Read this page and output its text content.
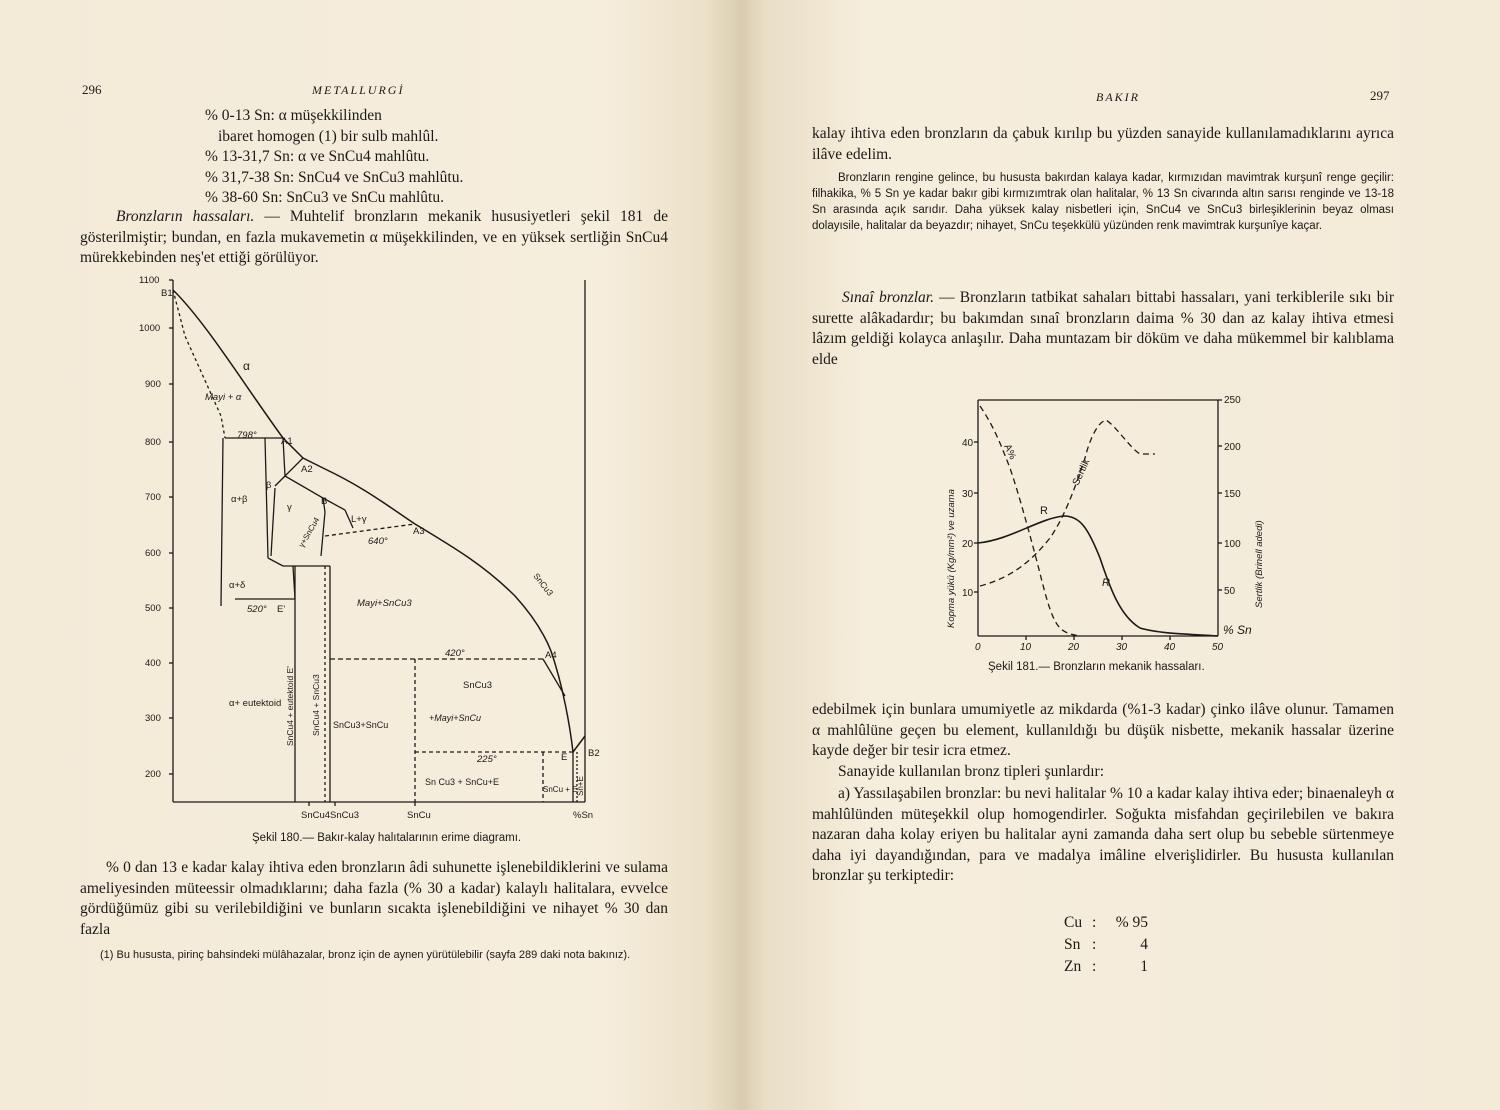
296	METALLURGİ
% 0-13 Sn: α müşekkilinden
ibaret homogen (1) bir sulb mahlûl.
% 13-31,7 Sn: α ve SnCu4 mahlûtu.
% 31,7-38 Sn: SnCu4 ve SnCu3 mahlûtu.
% 38-60 Sn: SnCu3 ve SnCu mahlûtu.
Bronzların hassaları. — Muhtelif bronzların mekanik hususiyetleri şekil 181 de gösterilmiştir; bundan, en fazla mukavemetin α müşekkilinden, ve en yüksek sertliğin SnCu4 mürekkebinden neş'et ettiği görülüyor.
1100
1000
900
800
700
600
500
400
300
200
SnCu4 SnCu3	SnCu	%Sn
B1
A1
A2
A3
A4
B2
B
E
E'
798°
640°
520°
420°
225°
α
Mayi + α
α+β
β
γ
L+γ
α+δ
Mayi+SnCu3
SnCu3
+Mayi+SnCu
SnCu3+SnCu
Sn Cu3 + SnCu+E
SnCu + E
Sn+E
α+ eutektoid SnCu4 + eutektoid E' SnCu4 + SnCu3
SnCu3
γ+SnCu4
Şekil 180.— Bakır-kalay halıtalarının erime diagramı.
% 0 dan 13 e kadar kalay ihtiva eden bronzların âdi suhunette işlenebildiklerini ve sulama ameliyesinden müteessir olmadıklarını; daha fazla (% 30 a kadar) kalaylı halitalara, evvelce gördüğümüz gibi su verilebildiğini ve bunların sıcakta işlenebildiğini ve nihayet % 30 dan fazla
(1) Bu hususta, pirinç bahsindeki mülâhazalar, bronz için de aynen yürütülebilir (sayfa 289 daki nota bakınız).
297
BAKIR
kalay ihtiva eden bronzların da çabuk kırılıp bu yüzden sanayide kullanılamadıklarını ayrıca ilâve edelim.
Bronzların rengine gelince, bu hususta bakırdan kalaya kadar, kırmızıdan mavimtrak kurşunî renge geçilir: filhakika, % 5 Sn ye kadar bakır gibi kırmızımtrak olan halitalar, % 13 Sn civarında altın sarısı renginde ve 13-18 Sn arasında açık sarıdır. Daha yüksek kalay nisbetleri için, SnCu4 ve SnCu3 birleşiklerinin beyaz olması dolayısile, halitalar da beyazdır; nihayet, SnCu teşekkülü yüzünden renk mavimtrak kurşunîye kaçar.
Sınaî bronzlar. — Bronzların tatbikat sahaları bittabi hassaları, yani terkiblerile sıkı bir surette alâkadardır; bu bakımdan sınaî bronzların daima % 30 dan az kalay ihtiva etmesi lâzım geldiği kolayca anlaşılır. Daha muntazam bir döküm ve daha mükemmel bir kalıblama elde
40
30
20
10
250
200
150
100
50
0	10	20	30	40	50
% Sn
Kopma yükü (Kg/mm²) ve uzama	Sertlik (Brinell adedi)
R
R
A%
Sertlik
Şekil 181.— Bronzların mekanik hassaları.
edebilmek için bunlara umumiyetle az mikdarda (%1-3 kadar) çinko ilâve olunur. Tamamen α mahlûlüne geçen bu element, kullanıldığı bu düşük nisbette, mekanik hassalar üzerine kayde değer bir tesir icra etmez.
Sanayide kullanılan bronz tipleri şunlardır:
a) Yassılaşabilen bronzlar: bu nevi halitalar % 10 a kadar kalay ihtiva eder; binaenaleyh α mahlûlünden müteşekkil olup homogendirler. Soğukta misfahdan geçirilebilen ve bakıra nazaran daha kolay eriyen bu halitalar ayni zamanda daha sert olup bu sebeble sürtenmeye daha iyi dayandığından, para ve madalya imâline elverişlidirler. Bu hususta kullanılan bronzlar şu terkiptedir:
Cu :	% 95
Sn :	4
Zn :	1
